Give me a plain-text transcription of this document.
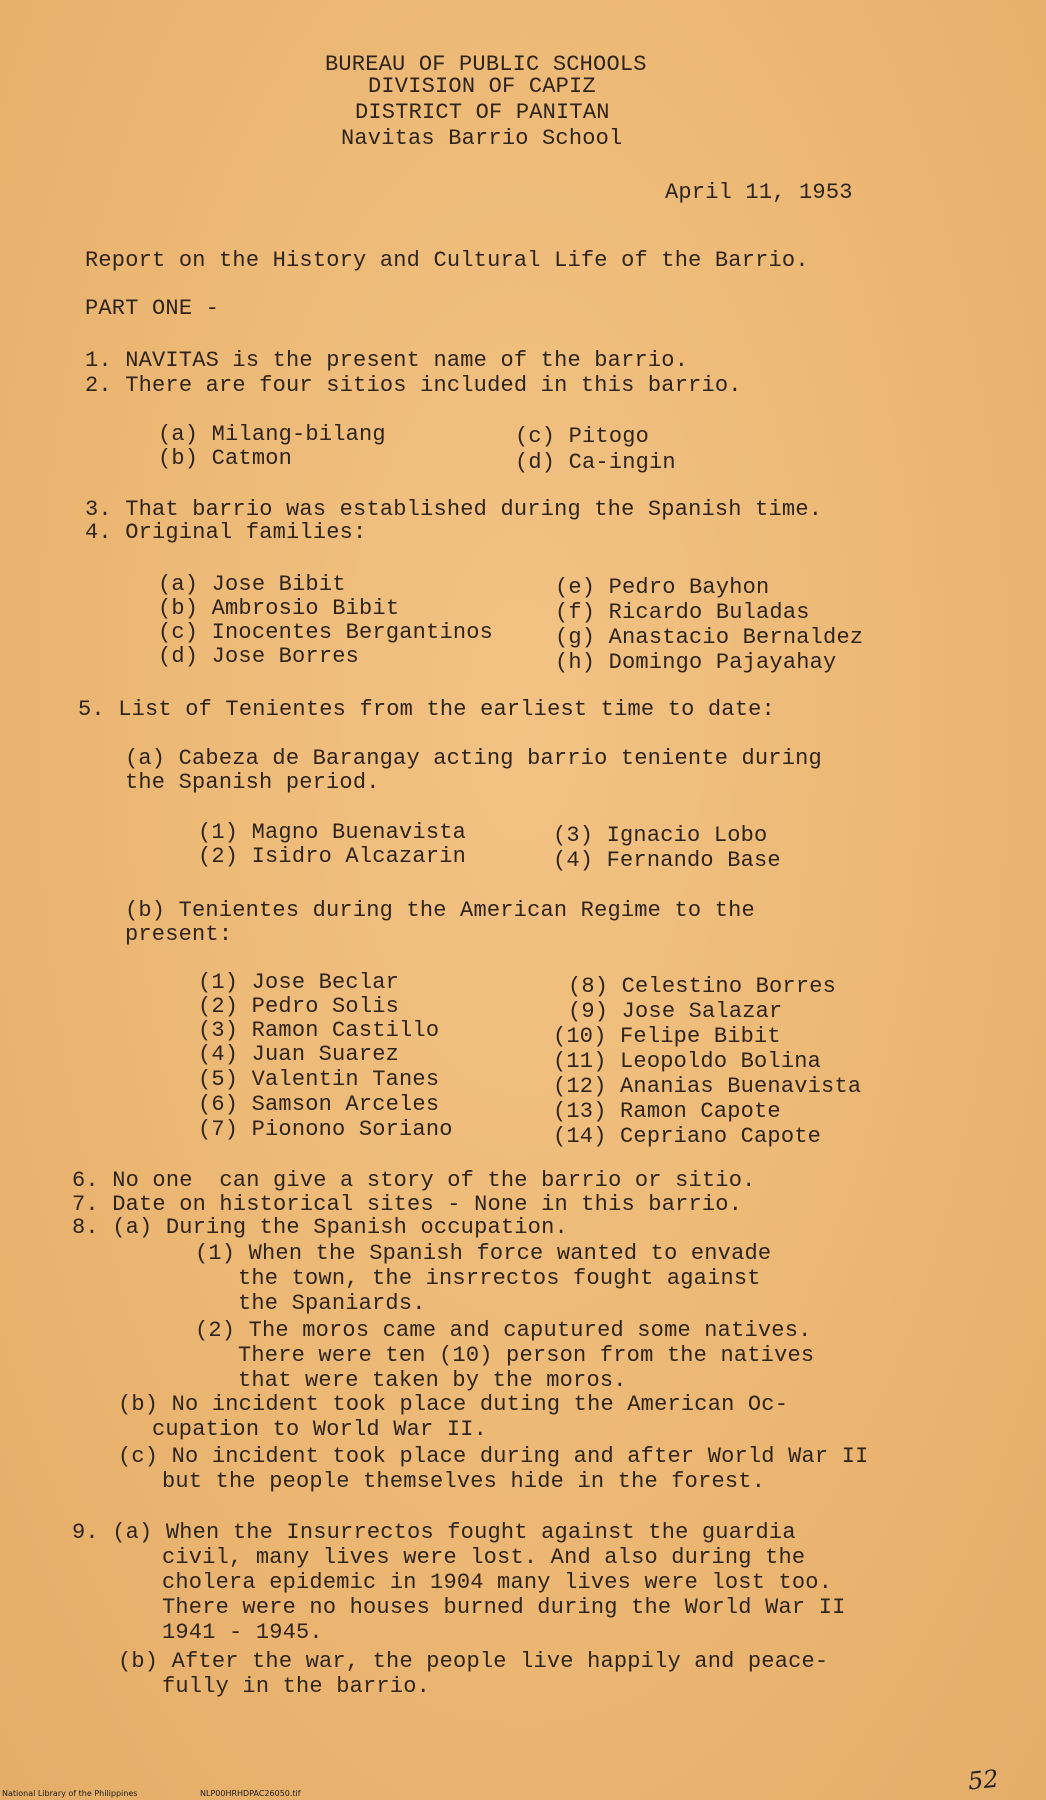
BUREAU OF PUBLIC SCHOOLS
DIVISION OF CAPIZ
DISTRICT OF PANITAN
Navitas Barrio School
April 11, 1953
Report on the History and Cultural Life of the Barrio.
PART ONE -
1. NAVITAS is the present name of the barrio.
2. There are four sitios included in this barrio.
(a) Milang-bilang
(b) Catmon
(c) Pitogo
(d) Ca-ingin
3. That barrio was established during the Spanish time.
4. Original families:
(a) Jose Bibit
(b) Ambrosio Bibit
(c) Inocentes Bergantinos
(d) Jose Borres
(e) Pedro Bayhon
(f) Ricardo Buladas
(g) Anastacio Bernaldez
(h) Domingo Pajayahay
5. List of Tenientes from the earliest time to date:
(a) Cabeza de Barangay acting barrio teniente during
the Spanish period.
(1) Magno Buenavista
(2) Isidro Alcazarin
(3) Ignacio Lobo
(4) Fernando Base
(b) Tenientes during the American Regime to the
present:
(1) Jose Beclar
(2) Pedro Solis
(3) Ramon Castillo
(4) Juan Suarez
(5) Valentin Tanes
(6) Samson Arceles
(7) Pionono Soriano
(8) Celestino Borres
(9) Jose Salazar
(10) Felipe Bibit
(11) Leopoldo Bolina
(12) Ananias Buenavista
(13) Ramon Capote
(14) Cepriano Capote
6. No one  can give a story of the barrio or sitio.
7. Date on historical sites - None in this barrio.
8. (a) During the Spanish occupation.
(1) When the Spanish force wanted to envade
the town, the insrrectos fought against
the Spaniards.
(2) The moros came and caputured some natives.
There were ten (10) person from the natives
that were taken by the moros.
(b) No incident took place duting the American Oc-
cupation to World War II.
(c) No incident took place during and after World War II
but the people themselves hide in the forest.
9. (a) When the Insurrectos fought against the guardia
civil, many lives were lost. And also during the
cholera epidemic in 1904 many lives were lost too.
There were no houses burned during the World War II
1941 - 1945.
(b) After the war, the people live happily and peace-
fully in the barrio.
National Library of the Philippines	NLP00HRHDPAC26050.tif	52
